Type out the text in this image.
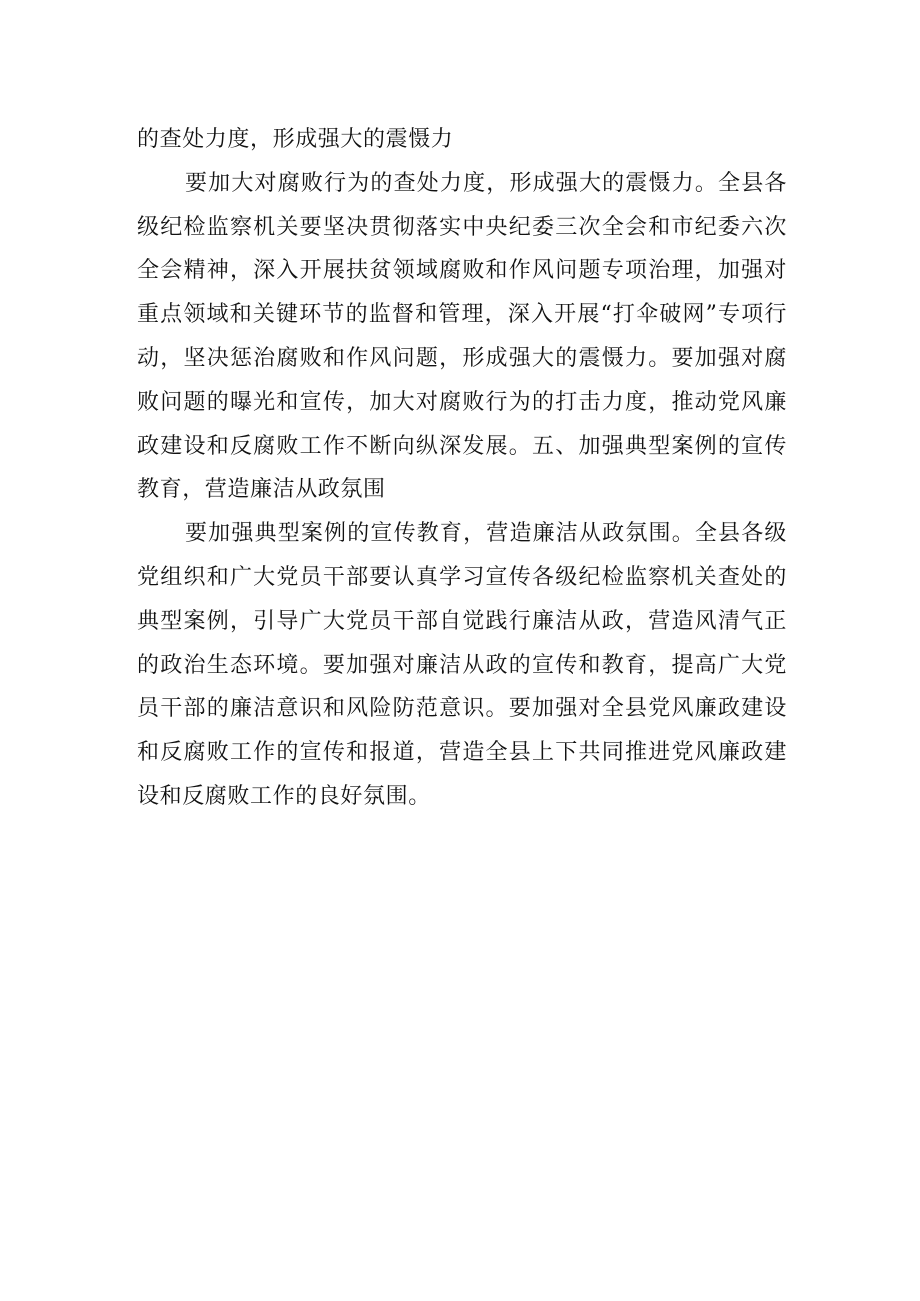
的查处力度，形成强大的震慑力

要加大对腐败行为的查处力度，形成强大的震慑力。全县各级纪检监察机关要坚决贯彻落实中央纪委三次全会和市纪委六次全会精神，深入开展扶贫领域腐败和作风问题专项治理，加强对重点领域和关键环节的监督和管理，深入开展“打伞破网”专项行动，坚决惩治腐败和作风问题，形成强大的震慑力。要加强对腐败问题的曝光和宣传，加大对腐败行为的打击力度，推动党风廉政建设和反腐败工作不断向纵深发展。五、加强典型案例的宣传教育，营造廉洁从政氛围

要加强典型案例的宣传教育，营造廉洁从政氛围。全县各级党组织和广大党员干部要认真学习宣传各级纪检监察机关查处的典型案例，引导广大党员干部自觉践行廉洁从政，营造风清气正的政治生态环境。要加强对廉洁从政的宣传和教育，提高广大党员干部的廉洁意识和风险防范意识。要加强对全县党风廉政建设和反腐败工作的宣传和报道，营造全县上下共同推进党风廉政建设和反腐败工作的良好氛围。
